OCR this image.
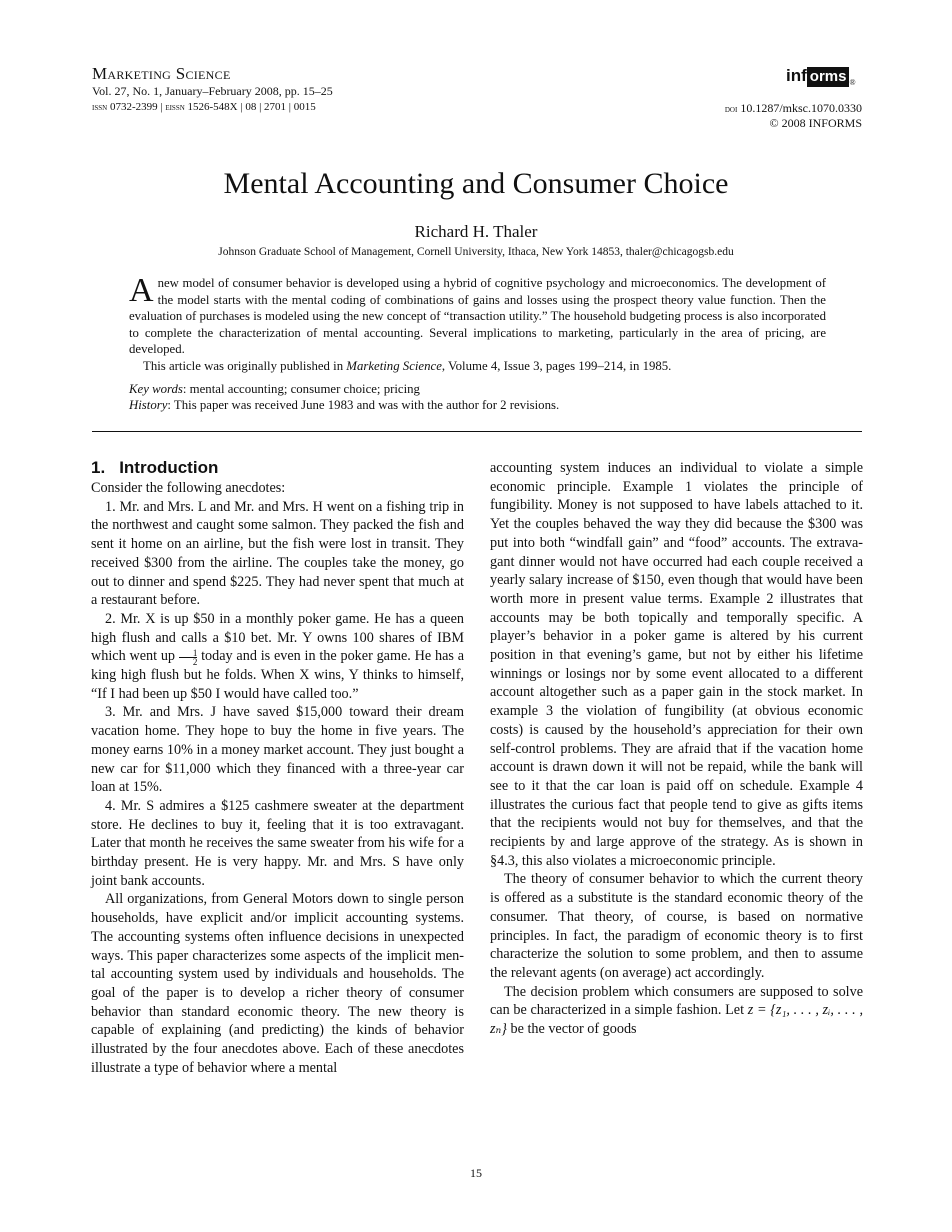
Marketing Science
Vol. 27, No. 1, January–February 2008, pp. 15–25
issn 0732-2399 | eissn 1526-548X | 08 | 2701 | 0015
inf orms ®
doi 10.1287/mksc.1070.0330
© 2008 INFORMS
Mental Accounting and Consumer Choice
Richard H. Thaler
Johnson Graduate School of Management, Cornell University, Ithaca, New York 14853, thaler@chicagogsb.edu

Anew model of consumer behavior is developed using a hybrid of cognitive psychology and microeconomics. The development of the model starts with the mental coding of combinations of gains and losses using the prospect theory value function. Then the evaluation of purchases is modeled using the new concept of “transaction utility.” The household budgeting process is also incorporated to complete the characterization of mental accounting. Several implications to marketing, particularly in the area of pricing, are developed.

This article was originally published in Marketing Science, Volume 4, Issue 3, pages 199–214, in 1985.

Key words: mental accounting; consumer choice; pricing
History: This paper was received June 1983 and was with the author for 2 revisions.
1. Introduction

Consider the following anecdotes:

1. Mr. and Mrs. L and Mr. and Mrs. H went on a fishing trip in the northwest and caught some salmon. They packed the fish and sent it home on an airline, but the fish were lost in transit. They received $300 from the airline. The couples take the money, go out to dinner and spend $225. They had never spent that much at a restaurant before.

2. Mr. X is up $50 in a monthly poker game. He has a queen high flush and calls a $10 bet. Mr. Y owns 100 shares of IBM which went up $\frac{1}{2}$ today and is even in the poker game. He has a king high flush but he folds. When X wins, Y thinks to himself, “If I had been up $50 I would have called too.”

3. Mr. and Mrs. J have saved $15,000 toward their dream vacation home. They hope to buy the home in five years. The money earns 10% in a money market account. They just bought a new car for $11,000 which they financed with a three-year car loan at 15%.

4. Mr. S admires a $125 cashmere sweater at the department store. He declines to buy it, feeling that it is too extravagant. Later that month he receives the same sweater from his wife for a birthday present. He is very happy. Mr. and Mrs. S have only joint bank accounts.

All organizations, from General Motors down to single person households, have explicit and/or implicit accounting systems. The accounting systems often influence decisions in unexpected ways. This paper characterizes some aspects of the implicit mental accounting system used by individuals and households. The goal of the paper is to develop a richer theory of consumer behavior than standard economic theory. The new theory is capable of explaining (and predicting) the kinds of behavior illustrated by the four anecdotes above. Each of these anecdotes illustrate a type of behavior where a mental

accounting system induces an individual to violate a simple economic principle. Example 1 violates the principle of fungibility. Money is not supposed to have labels attached to it. Yet the couples behaved the way they did because the $300 was put into both “windfall gain” and “food” accounts. The extravagant dinner would not have occurred had each couple received a yearly salary increase of $150, even though that would have been worth more in present value terms. Example 2 illustrates that accounts may be both topically and temporally specific. A player’s behavior in a poker game is altered by his current position in that evening’s game, but not by either his lifetime winnings or losings nor by some event allocated to a different account altogether such as a paper gain in the stock market. In example 3 the violation of fungibility (at obvious economic costs) is caused by the household’s appreciation for their own self-control problems. They are afraid that if the vacation home account is drawn down it will not be repaid, while the bank will see to it that the car loan is paid off on schedule. Example 4 illustrates the curious fact that people tend to give as gifts items that the recipients would not buy for themselves, and that the recipients by and large approve of the strategy. As is shown in §4.3, this also violates a microeconomic principle.

The theory of consumer behavior to which the current theory is offered as a substitute is the standard economic theory of the consumer. That theory, of course, is based on normative principles. In fact, the paradigm of economic theory is to first characterize the solution to some problem, and then to assume the relevant agents (on average) act accordingly.

The decision problem which consumers are supposed to solve can be characterized in a simple fashion. Let z = {z₁, . . . , zᵢ, . . . , zₙ} be the vector of goods

15
